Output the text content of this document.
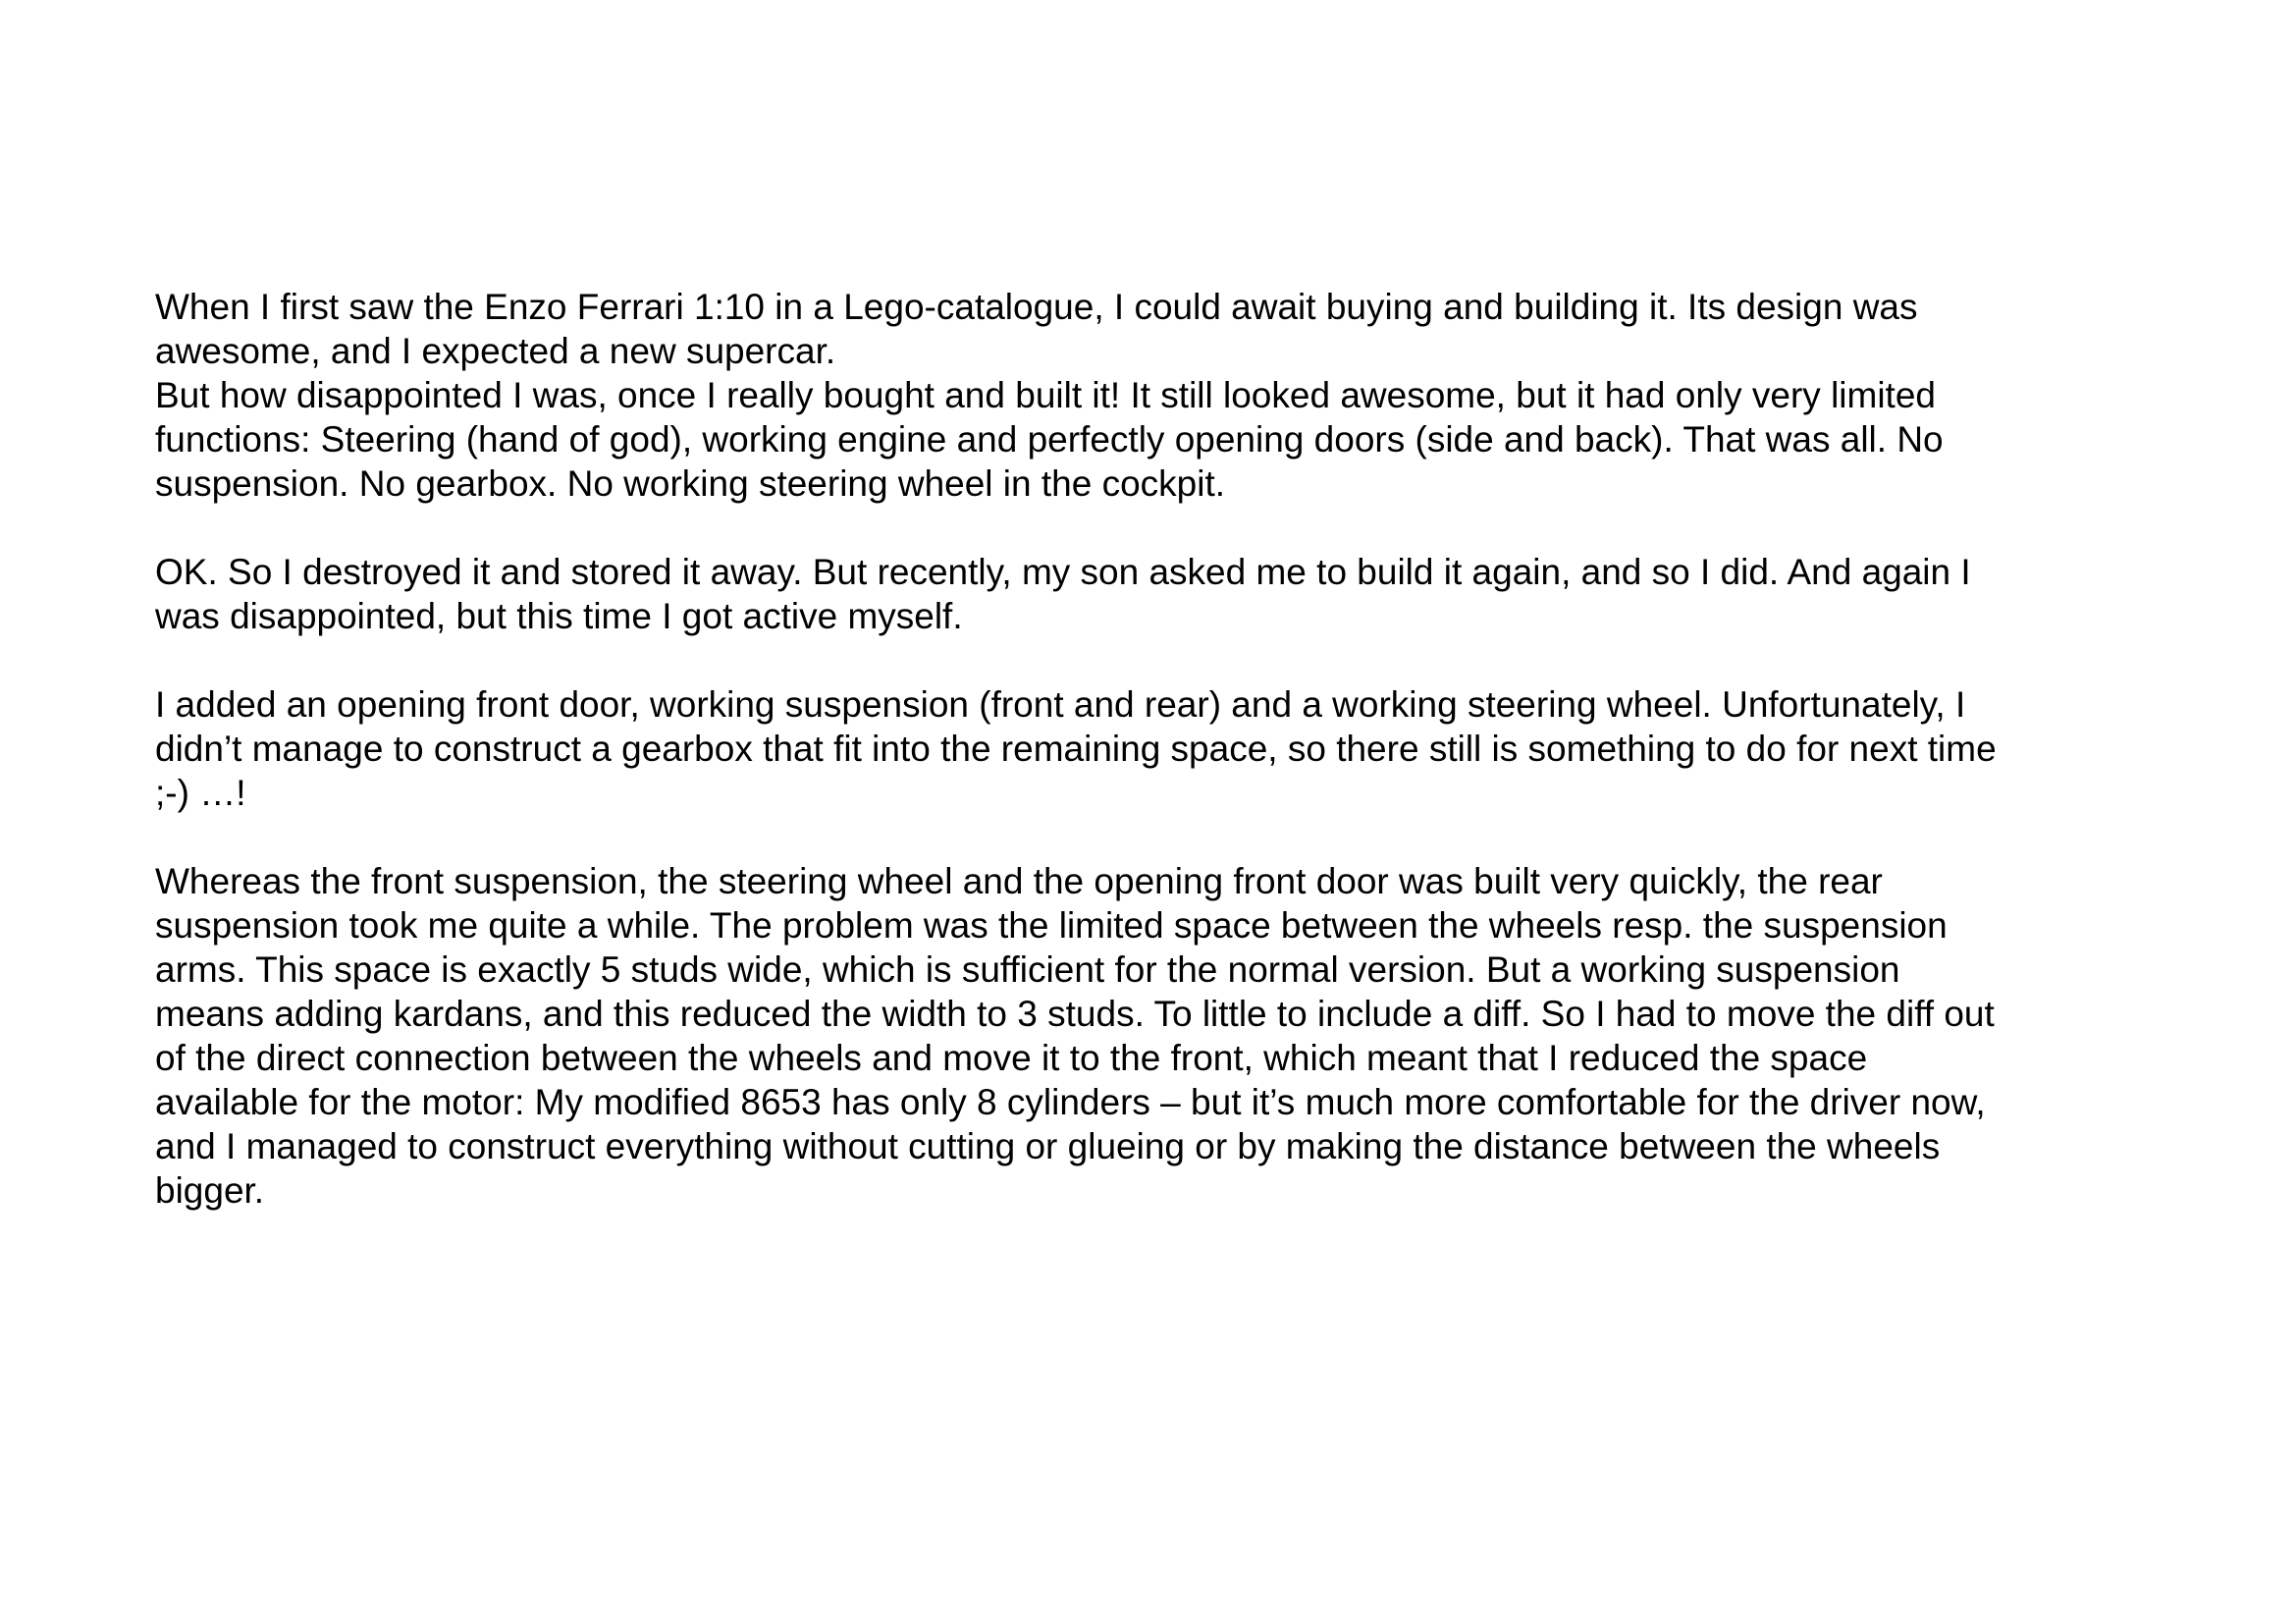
When I first saw the Enzo Ferrari 1:10 in a Lego-catalogue, I could await buying and building it. Its design was
awesome, and I expected a new supercar.
But how disappointed I was, once I really bought and built it! It still looked awesome, but it had only very limited
functions: Steering (hand of god), working engine and perfectly opening doors (side and back). That was all. No
suspension. No gearbox. No working steering wheel in the cockpit.
OK. So I destroyed it and stored it away. But recently, my son asked me to build it again, and so I did. And again I
was disappointed, but this time I got active myself.
I added an opening front door, working suspension (front and rear) and a working steering wheel. Unfortunately, I
didn’t manage to construct a gearbox that fit into the remaining space, so there still is something to do for next time
;-) …!
Whereas the front suspension, the steering wheel and the opening front door was built very quickly, the rear
suspension took me quite a while. The problem was the limited space between the wheels resp. the suspension
arms. This space is exactly 5 studs wide, which is sufficient for the normal version. But a working suspension
means adding kardans, and this reduced the width to 3 studs. To little to include a diff. So I had to move the diff out
of the direct connection between the wheels and move it to the front, which meant that I reduced the space
available for the motor: My modified 8653 has only 8 cylinders – but it’s much more comfortable for the driver now,
and I managed to construct everything without cutting or glueing or by making the distance between the wheels
bigger.
